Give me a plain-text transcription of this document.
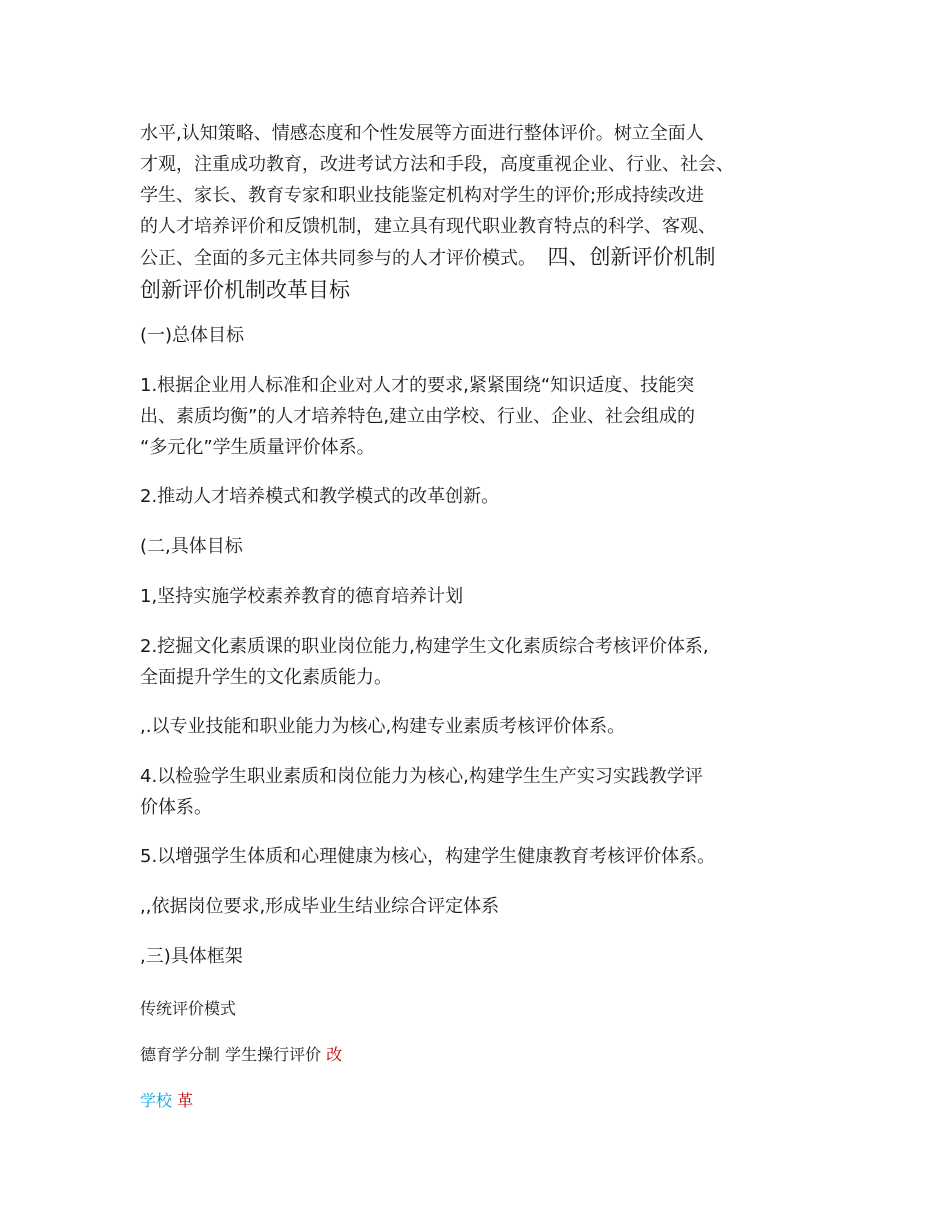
水平,认知策略、情感态度和个性发展等方面进行整体评价。树立全面人
才观，注重成功教育，改进考试方法和手段，高度重视企业、行业、社会、
学生、家长、教育专家和职业技能鉴定机构对学生的评价;形成持续改进
的人才培养评价和反馈机制，建立具有现代职业教育特点的科学、客观、
公正、全面的多元主体共同参与的人才评价模式。 四、创新评价机制
创新评价机制改革目标
(一)总体目标
1.根据企业用人标准和企业对人才的要求,紧紧围绕“知识适度、技能突
出、素质均衡”的人才培养特色,建立由学校、行业、企业、社会组成的
“多元化”学生质量评价体系。
2.推动人才培养模式和教学模式的改革创新。
(二,具体目标
1,坚持实施学校素养教育的德育培养计划
2.挖掘文化素质课的职业岗位能力,构建学生文化素质综合考核评价体系,
全面提升学生的文化素质能力。
,.以专业技能和职业能力为核心,构建专业素质考核评价体系。
4.以检验学生职业素质和岗位能力为核心,构建学生生产实习实践教学评
价体系。
5.以增强学生体质和心理健康为核心，构建学生健康教育考核评价体系。
,,依据岗位要求,形成毕业生结业综合评定体系
,三)具体框架
传统评价模式
德育学分制 学生操行评价 改
学校 革
